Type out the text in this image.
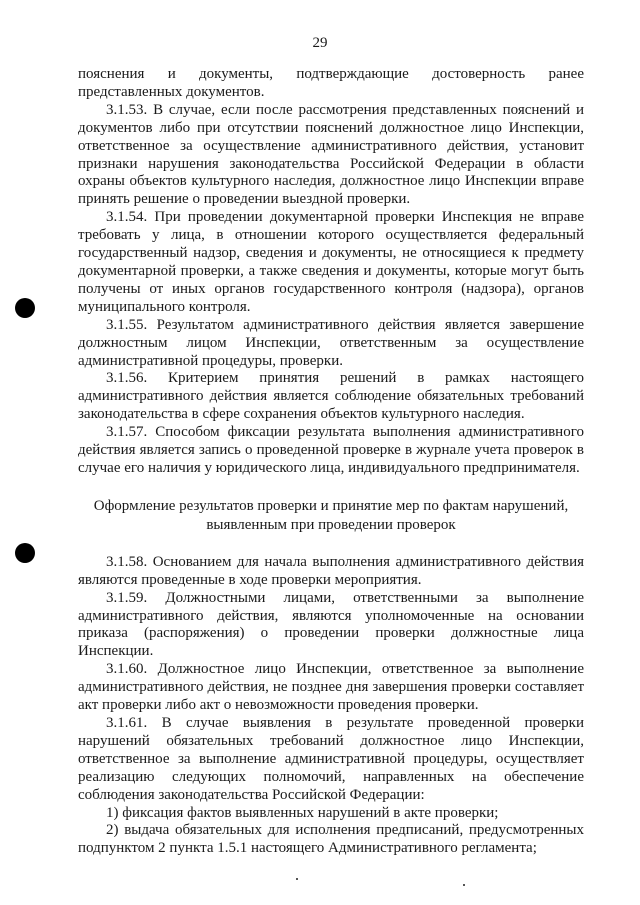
29

пояснения и документы, подтверждающие достоверность ранее представленных документов.

3.1.53. В случае, если после рассмотрения представленных пояснений и документов либо при отсутствии пояснений должностное лицо Инспекции, ответственное за осуществление административного действия, установит признаки нарушения законодательства Российской Федерации в области охраны объектов культурного наследия, должностное лицо Инспекции вправе принять решение о проведении выездной проверки.

3.1.54. При проведении документарной проверки Инспекция не вправе требовать у лица, в отношении которого осуществляется федеральный государственный надзор, сведения и документы, не относящиеся к предмету документарной проверки, а также сведения и документы, которые могут быть получены от иных органов государственного контроля (надзора), органов муниципального контроля.

3.1.55. Результатом административного действия является завершение должностным лицом Инспекции, ответственным за осуществление административной процедуры, проверки.

3.1.56. Критерием принятия решений в рамках настоящего административного действия является соблюдение обязательных требований законодательства в сфере сохранения объектов культурного наследия.

3.1.57. Способом фиксации результата выполнения административного действия является запись о проведенной проверке в журнале учета проверок в случае его наличия у юридического лица, индивидуального предпринимателя.

Оформление результатов проверки и принятие мер по фактам нарушений,
выявленным при проведении проверок

3.1.58. Основанием для начала выполнения административного действия являются проведенные в ходе проверки мероприятия.

3.1.59. Должностными лицами, ответственными за выполнение административного действия, являются уполномоченные на основании приказа (распоряжения) о проведении проверки должностные лица Инспекции.

3.1.60. Должностное лицо Инспекции, ответственное за выполнение административного действия, не позднее дня завершения проверки составляет акт проверки либо акт о невозможности проведения проверки.

3.1.61. В случае выявления в результате проведенной проверки нарушений обязательных требований должностное лицо Инспекции, ответственное за выполнение административной процедуры, осуществляет реализацию следующих полномочий, направленных на обеспечение соблюдения законодательства Российской Федерации:

1) фиксация фактов выявленных нарушений в акте проверки;

2) выдача обязательных для исполнения предписаний, предусмотренных подпунктом 2 пункта 1.5.1 настоящего Административного регламента;
